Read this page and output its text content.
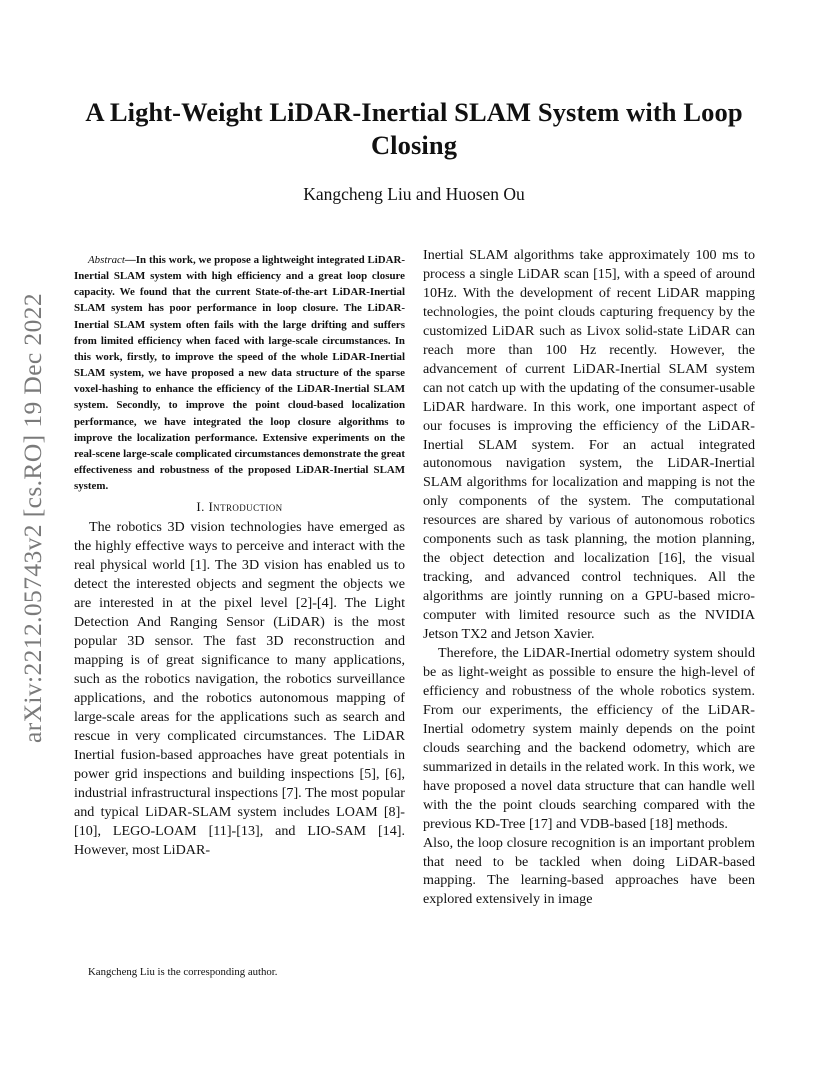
A Light-Weight LiDAR-Inertial SLAM System with Loop Closing
Kangcheng Liu and Huosen Ou
arXiv:2212.05743v2 [cs.RO] 19 Dec 2022

Abstract—In this work, we propose a lightweight integrated LiDAR-Inertial SLAM system with high efficiency and a great loop closure capacity. We found that the current State-of-the-art LiDAR-Inertial SLAM system has poor performance in loop closure. The LiDAR-Inertial SLAM system often fails with the large drifting and suffers from limited efficiency when faced with large-scale circumstances. In this work, firstly, to improve the speed of the whole LiDAR-Inertial SLAM system, we have proposed a new data structure of the sparse voxel-hashing to enhance the efficiency of the LiDAR-Inertial SLAM system. Secondly, to improve the point cloud-based localization performance, we have integrated the loop closure algorithms to improve the localization performance. Extensive experiments on the real-scene large-scale complicated circumstances demonstrate the great effectiveness and robustness of the proposed LiDAR-Inertial SLAM system.

I. Introduction

The robotics 3D vision technologies have emerged as the highly effective ways to perceive and interact with the real physical world [1]. The 3D vision has enabled us to detect the interested objects and segment the objects we are interested in at the pixel level [2]-[4]. The Light Detection And Ranging Sensor (LiDAR) is the most popular 3D sensor. The fast 3D reconstruction and mapping is of great significance to many applications, such as the robotics navigation, the robotics surveillance applications, and the robotics autonomous mapping of large-scale areas for the applications such as search and rescue in very complicated circumstances. The LiDAR Inertial fusion-based approaches have great potentials in power grid inspections and building inspections [5], [6], industrial infrastructural inspections [7]. The most popular and typical LiDAR-SLAM system includes LOAM [8]-[10], LEGO-LOAM [11]-[13], and LIO-SAM [14]. However, most LiDAR-

Inertial SLAM algorithms take approximately 100 ms to process a single LiDAR scan [15], with a speed of around 10Hz. With the development of recent LiDAR mapping technologies, the point clouds capturing frequency by the customized LiDAR such as Livox solid-state LiDAR can reach more than 100 Hz recently. However, the advancement of current LiDAR-Inertial SLAM system can not catch up with the updating of the consumer-usable LiDAR hardware. In this work, one important aspect of our focuses is improving the efficiency of the LiDAR-Inertial SLAM system. For an actual integrated autonomous navigation system, the LiDAR-Inertial SLAM algorithms for localization and mapping is not the only components of the system. The computational resources are shared by various of autonomous robotics components such as task planning, the motion planning, the object detection and localization [16], the visual tracking, and advanced control techniques. All the algorithms are jointly running on a GPU-based micro-computer with limited resource such as the NVIDIA Jetson TX2 and Jetson Xavier.

Therefore, the LiDAR-Inertial odometry system should be as light-weight as possible to ensure the high-level of efficiency and robustness of the whole robotics system. From our experiments, the efficiency of the LiDAR-Inertial odometry system mainly depends on the point clouds searching and the backend odometry, which are summarized in details in the related work. In this work, we have proposed a novel data structure that can handle well with the the point clouds searching compared with the previous KD-Tree [17] and VDB-based [18] methods.

Also, the loop closure recognition is an important problem that need to be tackled when doing LiDAR-based mapping. The learning-based approaches have been explored extensively in image

Kangcheng Liu is the corresponding author.
